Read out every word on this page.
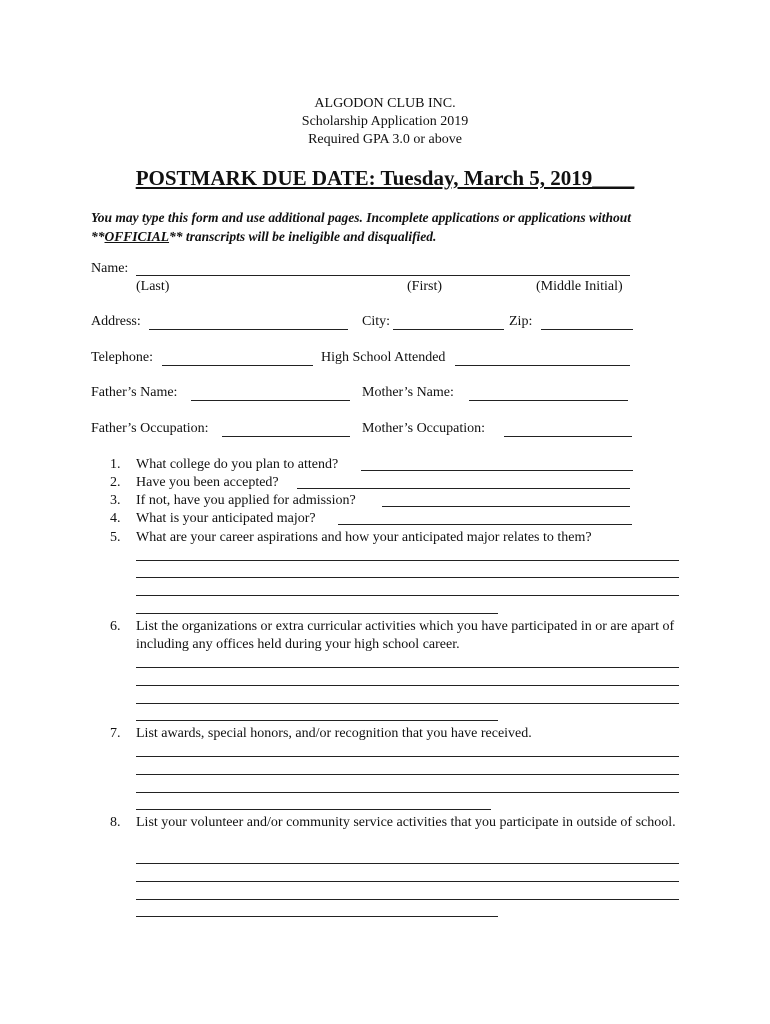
ALGODON CLUB INC.
Scholarship Application 2019
Required GPA 3.0 or above
POSTMARK DUE DATE: Tuesday, March 5, 2019____
You may type this form and use additional pages. Incomplete applications or applications without **OFFICIAL** transcripts will be ineligible and disqualified.
Name:
(Last)	(First)	(Middle Initial)
Address:	City:	Zip:
Telephone:	High School Attended
Father’s Name:	Mother’s Name:
Father’s Occupation:	Mother’s Occupation:
1. What college do you plan to attend?
2. Have you been accepted?
3. If not, have you applied for admission?
4. What is your anticipated major?
5. What are your career aspirations and how your anticipated major relates to them?
6.	List the organizations or extra curricular activities which you have participated in or are apart of including any offices held during your high school career.
7. List awards, special honors, and/or recognition that you have received.
8.	List your volunteer and/or community service activities that you participate in outside of school.
